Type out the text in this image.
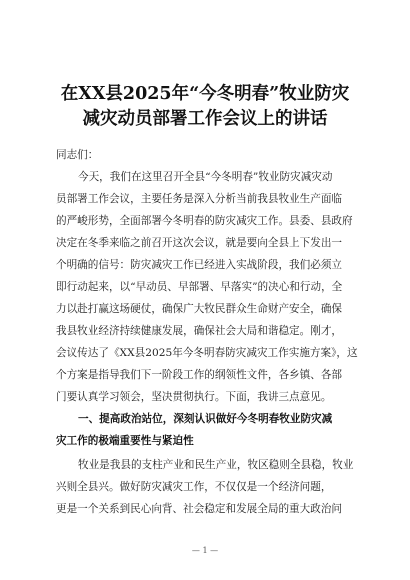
在XX县2025年“今冬明春”牧业防灾
减灾动员部署工作会议上的讲话
同志们：
今天，我们在这里召开全县“今冬明春”牧业防灾减灾动
员部署工作会议，主要任务是深入分析当前我县牧业生产面临
的严峻形势，全面部署今冬明春的防灾减灾工作。县委、县政府
决定在冬季来临之前召开这次会议，就是要向全县上下发出一
个明确的信号：防灾减灾工作已经进入实战阶段，我们必须立
即行动起来，以“早动员、早部署、早落实”的决心和行动，全
力以赴打赢这场硬仗，确保广大牧民群众生命财产安全，确保
我县牧业经济持续健康发展，确保社会大局和谐稳定。刚才，
会议传达了《XX县2025年今冬明春防灾减灾工作实施方案》，这
个方案是指导我们下一阶段工作的纲领性文件，各乡镇、各部
门要认真学习领会，坚决贯彻执行。下面，我讲三点意见。
一、提高政治站位，深刻认识做好今冬明春牧业防灾减
灾工作的极端重要性与紧迫性
牧业是我县的支柱产业和民生产业，牧区稳则全县稳，牧业
兴则全县兴。做好防灾减灾工作，不仅仅是一个经济问题，
更是一个关系到民心向背、社会稳定和发展全局的重大政治问
— 1 —
